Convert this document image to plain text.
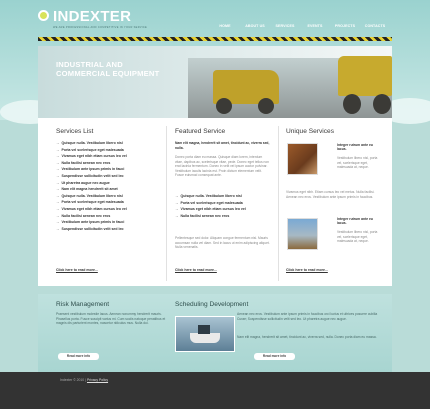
INDEXTER
WE ARE PROFESSIONAL AND COMPETITIVE IN YOUR SERVICE	HOME	ABOUT US	SERVICES	EVENTS	PROJECTS	CONTACTS
INDUSTRIAL AND
COMMERCIAL EQUIPMENT
Services List
→ Quisque nulla. Vestibulum libero nisl
→ Porta vel scelerisque eget malesuada
→ Vivamus eget nibh etiam cursus leo vel
→ Nulla facilisi aenean nec eros
→ Vestibulum ante ipsum primis in fauci
→ Suspendisse sollicitudin velit sed leo
→ Ut pharetra augue nec augue
→ Nam elit magna hendrerit sit amet
→ Quisque nulla. Vestibulum libero nisl
→ Porta vel scelerisque eget malesuada
→ Vivamus eget nibh etiam cursus leo vel
→ Nulla facilisi aenean nec eros
→ Vestibulum ante ipsum primis in fauci
→ Suspendisse sollicitudin velit sed leo
Click here to read more...
Featured Service
Nam elit magna, hendrerit sit amet, tincidunt ac, viverra sed, nulla.
Donec porta diam eu massa. Quisque diam lorem, interdum vitae, dapibus ac, scelerisque vitae, pede. Donec eget tellus non erat lacinia fermentum. Donec in velit vel ipsum auctor pulvinar. Vestibulum iaculis lacinia est. Proin dictum elementum velit. Fusce euismod consequat ante.
→ Quisque nulla. Vestibulum libero nisl
→ Porta vel scelerisque eget malesuada
→ Vivamus eget nibh etiam cursus leo vel
→ Nulla facilisi aenean nec eros
Pellentesque sed dolor. Aliquam congue fermentum nisl. Mauris accumsan nulla vel diam. Sed in lacus ut enim adipiscing aliquet. Nulla venenatis.
Click here to read more...
Unique Services
Integer rutrum ante eu lacus.
Vestibulum libero nisl, porta vel, scelerisque eget, malesuada at, neque.
Vivamus eget nibh. Etiam cursus leo vel metus. Nulla facilisi. Aenean nec eros. Vestibulum ante ipsum primis in faucibus.
Integer rutrum ante eu lacus.
Vestibulum libero nisl, porta vel, scelerisque eget, malesuada at, neque.
Click here to read more...
Risk Management
Praesent vestibulum molestie lacus. Aenean nonummy hendrerit mauris. Phasellus porta. Fusce suscipit varius mi. Cum sociis natoque penatibus et magnis dis parturient montes, nascetur ridiculus mus. Nulla dui.
Read more info
Scheduling Development
Aenean nec eros. Vestibulum ante ipsum primis in faucibus orci luctus et ultrices posuere cubilia Curae; Suspendisse sollicitudin velit sed leo. Ut pharetra augue nec augue.
Nam elit magna, hendrerit sit amet, tincidunt ac, viverra sed, nulla. Donec porta diam eu massa.
Read more info
Indexter © 2010 | Privacy Policy
